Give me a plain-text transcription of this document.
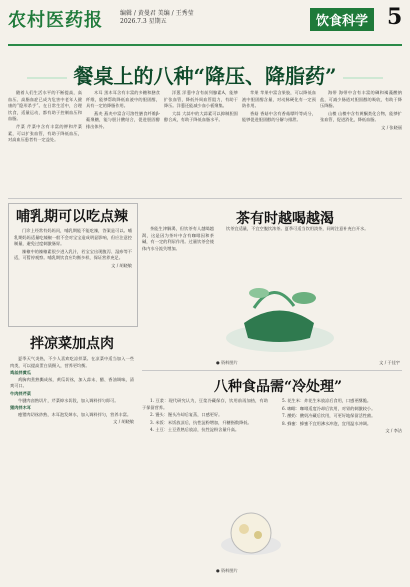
农村医药报	编辑 / 黄曼君 美编 / 王秀莹
2026.7.3 星期五	饮食科学 5
餐桌上的八种“降压、降脂药”

随着人们生活水平的不断提高，高血压、高脂血症已成为危害中老年人健康的“隐形杀手”。在日常生活中，合理饮食，适量运动，都有助于控制血压和血脂。

芹菜 芹菜中含有丰富的钾和芹菜素，可以扩张血管，有助于降低血压，对高血压患者有一定益处。

木耳 黑木耳含有丰富的多糖和膳食纤维，能够帮助降低血液中的胆固醇，具有一定的降脂作用。

燕麦 燕麦中富含可溶性膳食纤维β-葡聚糖，能与胆汁酸结合，促进胆固醇排出体外。

洋葱 洋葱中含有前列腺素A，能够扩张血管，降低外周血管阻力，有助于降压。洋葱还能减少血小板聚集。

大蒜 大蒜中的大蒜素可以抑制胆固醇合成，有助于降低血脂水平。

苹果 苹果中富含果胶，可以降低血液中胆固醇含量，对动脉硬化有一定预防作用。

香菇 香菇中含有香菇嘌呤等成分，能够促进胆固醇的分解与排泄。

海带 海带中含有丰富的碘和褐藻酸钠盐，可减少肠道对胆固醇的吸收，有助于降压降脂。

山楂 山楂中含有黄酮类化合物，能够扩张血管，促进消化，降低血脂。

文 / 张晓丽
哺乳期可以吃点辣

门诊上经常有妈妈问，哺乳期能不能吃辣，答案是可以。哺乳期妈妈适量吃辣椒一般不会对宝宝造成明显影响，但应注意控制量，避免过度刺激肠胃。

辣椒中的辣椒素很少进入乳汁，若宝宝出现腹泻、湿疹等不适，可暂停观察。哺乳期饮食应均衡多样，保证营养充足。

文 / 胡晓敏
拌凉菜加点肉

夏季天气炎热，不少人喜欢吃凉拌菜。在凉菜中适当加入一些肉类，可以提高蛋白质摄入，营养更均衡。

鸡丝拌黄瓜

鸡胸肉煮熟撕成丝，黄瓜切丝，加入蒜末、醋、香油调味，清爽可口。

牛肉拌芹菜

牛腱肉卤熟切片，芹菜焯水切段，加入调料拌匀即可。

猪肉拌木耳

瘦猪肉切丝炒熟，木耳泡发焯水，加入调料拌匀，营养丰富。

文 / 胡晓敏
茶有时越喝越渴

茶能生津解渴，但饮茶有人越喝越渴，这是因为茶叶中含有咖啡因和茶碱，有一定的利尿作用。过量饮茶会使体内水分流失增加。

饮茶宜适量，不宜空腹饮浓茶。夏季可适当饮用淡茶，同时注意补充白开水。

● 资料图片	文 / 于佳宇
八种食品需“冷处理”

1. 豆浆：现代研究认为，豆浆冷藏保存，饮用前再加热，有助于保留营养。

2. 馒头：馒头冷却后复蒸，口感更好。

3. 米饭：米饭放凉后，抗性淀粉增加，升糖指数降低。

4. 土豆：土豆煮熟后放凉，抗性淀粉含量升高。

5. 花生米：炸花生米放凉后食用，口感更酥脆。

6. 咖啡：咖啡适度冷却后饮用，对胃的刺激较小。

7. 酸奶：酸奶冷藏后饮用，可更好地保留活性菌。

8. 蜂蜜：蜂蜜不宜用沸水冲泡，宜用温水冲调。

文 / 李洁
● 资料图片
